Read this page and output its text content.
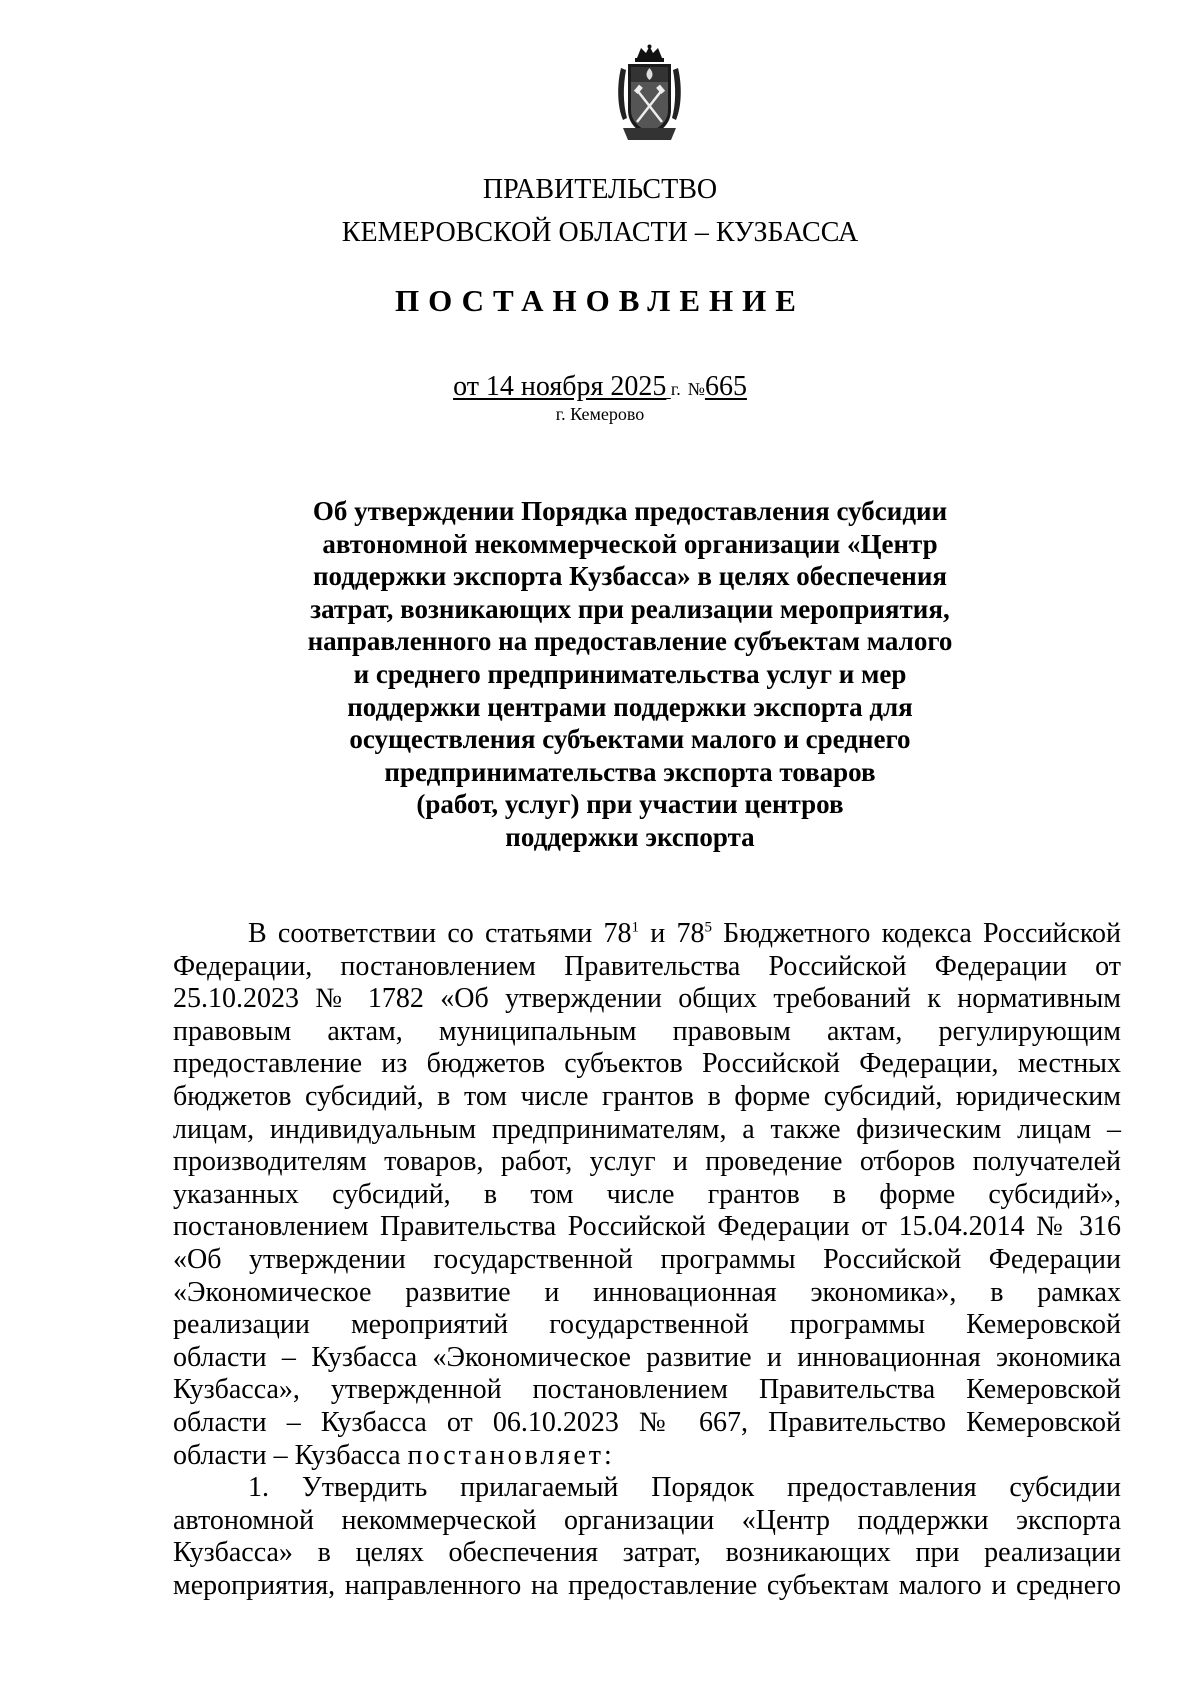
ПРАВИТЕЛЬСТВО
КЕМЕРОВСКОЙ ОБЛАСТИ – КУЗБАССА
ПОСТАНОВЛЕНИЕ
от 14 ноября 2025 г. №665
г. Кемерово
Об утверждении Порядка предоставления субсидии
автономной некоммерческой организации «Центр
поддержки экспорта Кузбасса» в целях обеспечения
затрат, возникающих при реализации мероприятия,
направленного на предоставление субъектам малого
и среднего предпринимательства услуг и мер
поддержки центрами поддержки экспорта для
осуществления субъектами малого и среднего
предпринимательства экспорта товаров
(работ, услуг) при участии центров
поддержки экспорта
В соответствии со статьями $78^1$ и $78^5$ Бюджетного кодекса Российской
Федерации, постановлением Правительства Российской Федерации от
25.10.2023 № 1782 «Об утверждении общих требований к нормативным
правовым актам, муниципальным правовым актам, регулирующим
предоставление из бюджетов субъектов Российской Федерации, местных
бюджетов субсидий, в том числе грантов в форме субсидий, юридическим
лицам, индивидуальным предпринимателям, а также физическим лицам –
производителям товаров, работ, услуг и проведение отборов получателей
указанных субсидий, в том числе грантов в форме субсидий»,
постановлением Правительства Российской Федерации от 15.04.2014 № 316
«Об утверждении государственной программы Российской Федерации
«Экономическое развитие и инновационная экономика», в рамках
реализации мероприятий государственной программы Кемеровской
области – Кузбасса «Экономическое развитие и инновационная экономика
Кузбасса», утвержденной постановлением Правительства Кемеровской
области – Кузбасса от 06.10.2023 № 667, Правительство Кемеровской
области – Кузбасса постановляет:
1. Утвердить прилагаемый Порядок предоставления субсидии
автономной некоммерческой организации «Центр поддержки экспорта
Кузбасса» в целях обеспечения затрат, возникающих при реализации
мероприятия, направленного на предоставление субъектам малого и среднего
